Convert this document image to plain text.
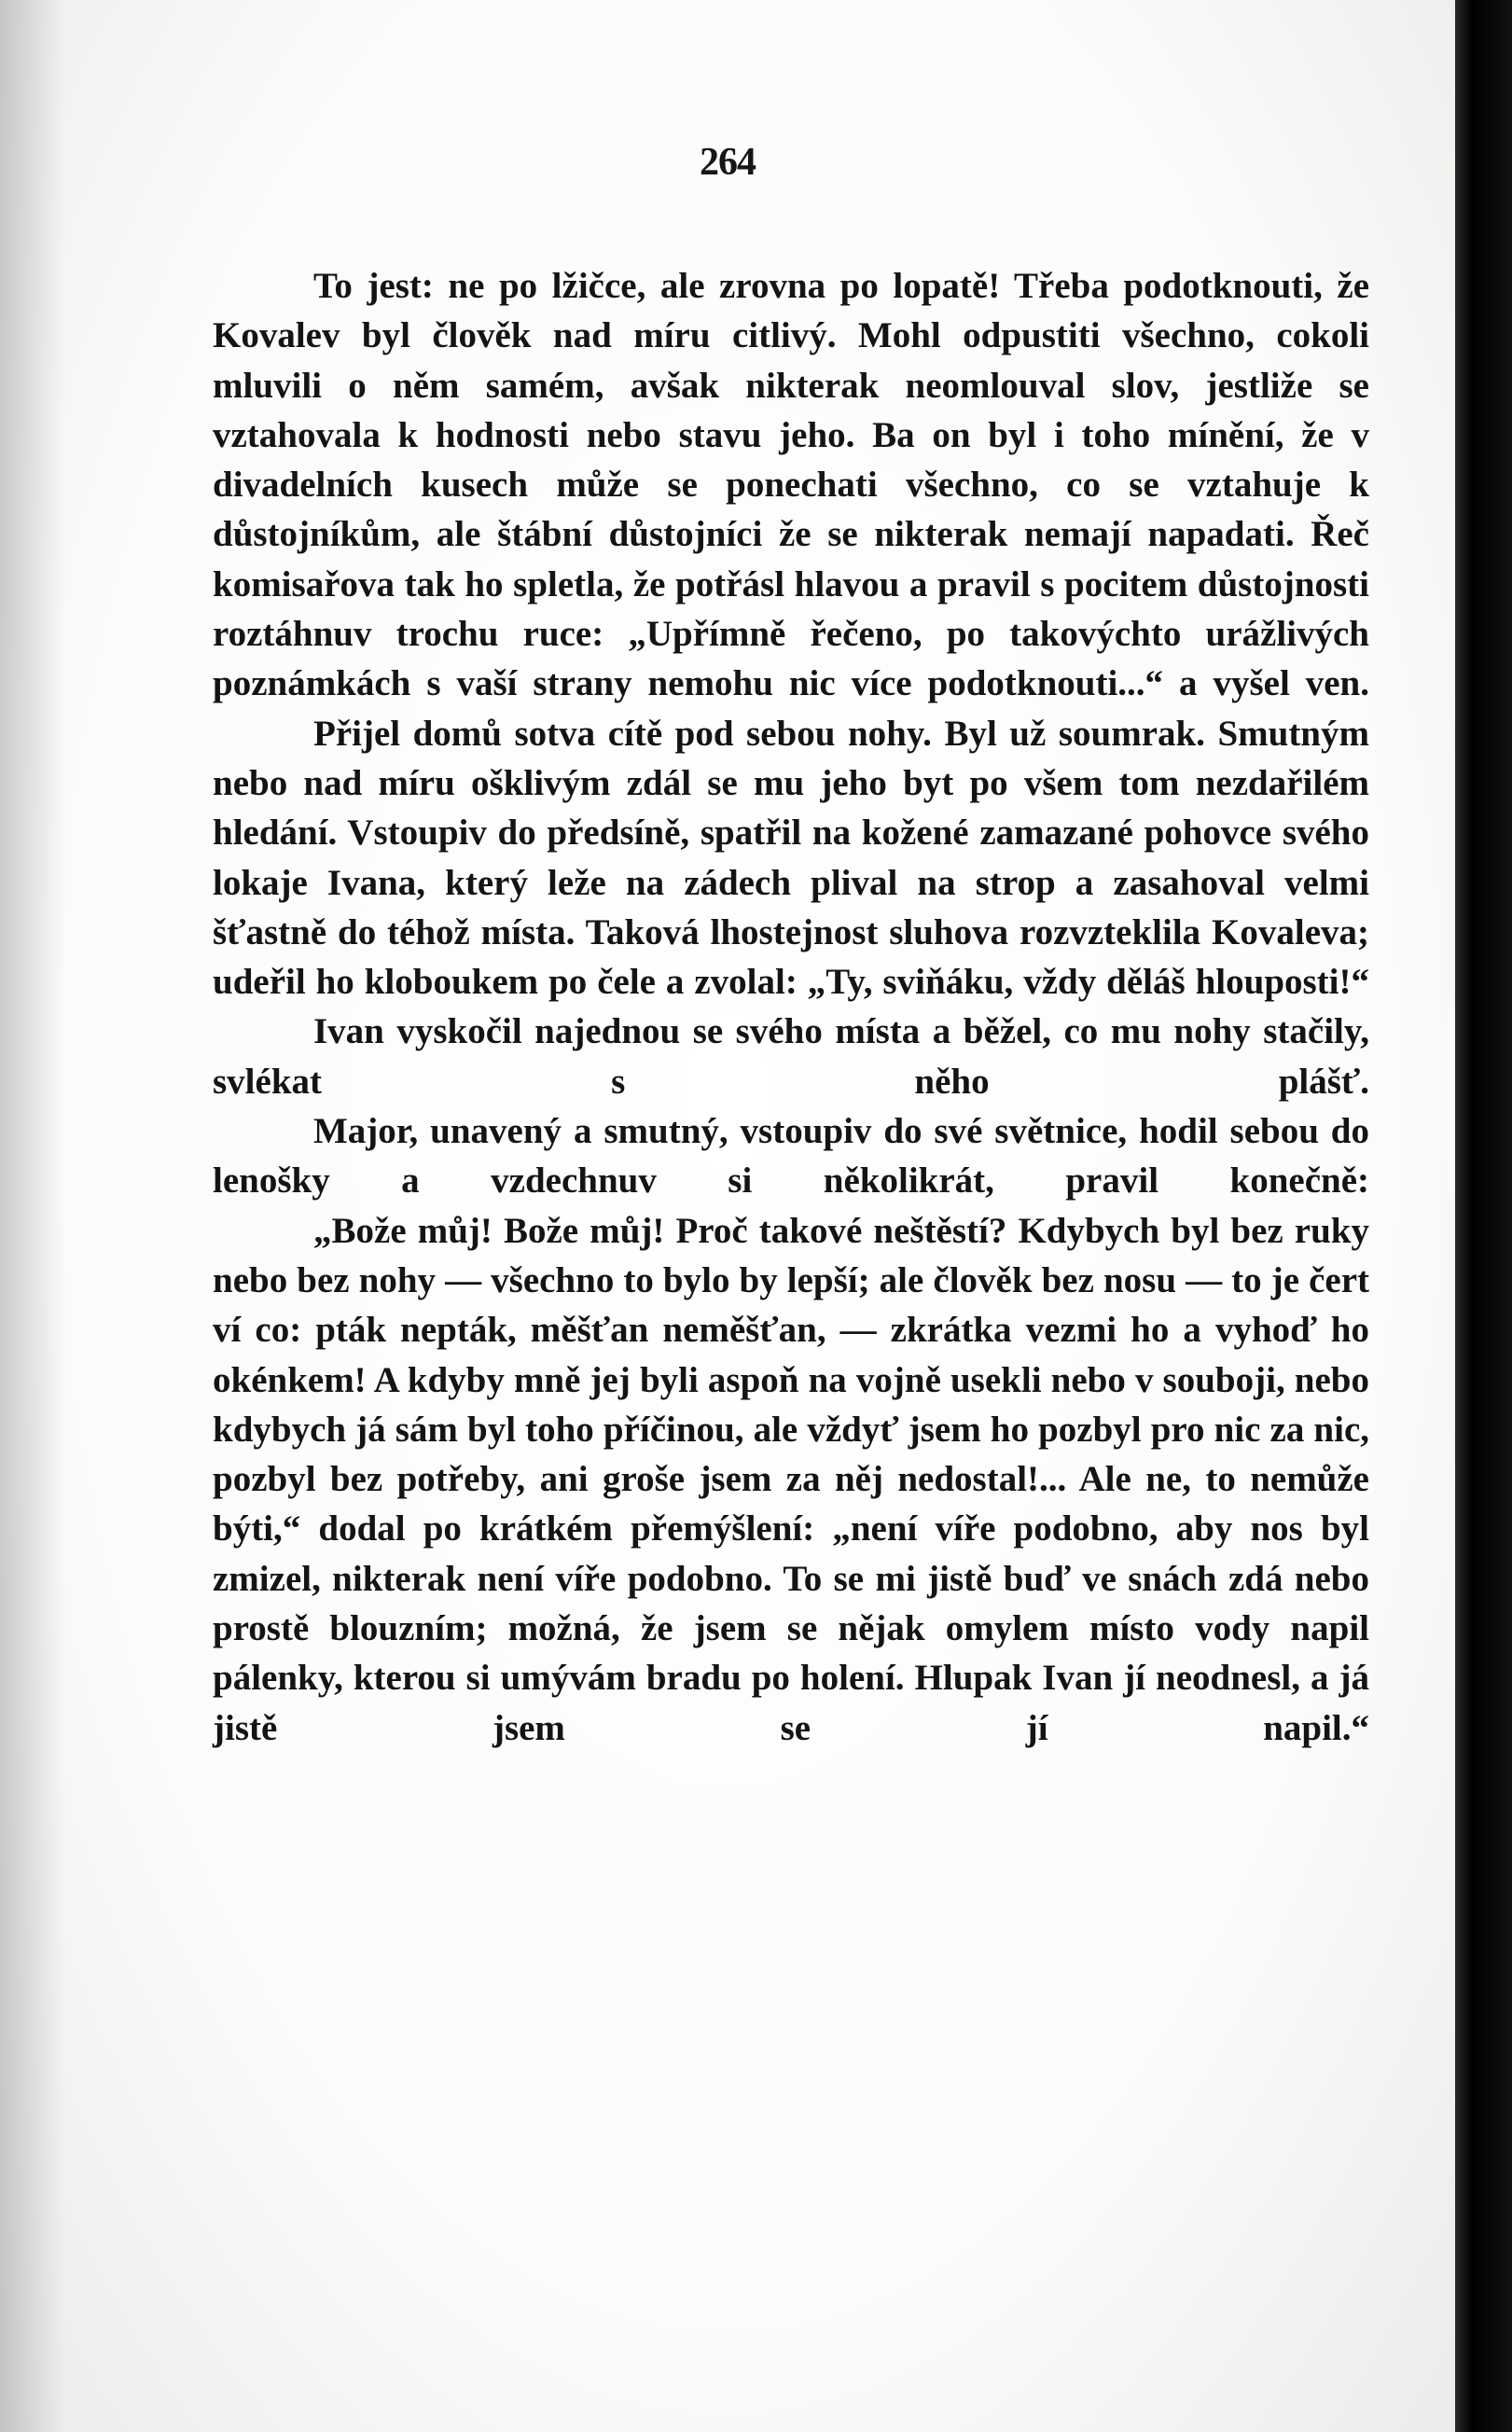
264

To jest: ne po lžičce, ale zrovna po lopatě! Třeba podotknouti, že Kovalev byl člověk nad míru citlivý. Mohl odpustiti všechno, cokoli mluvili o něm samém, avšak nikterak neomlouval slov, jestliže se vztahovala k hodnosti nebo stavu jeho. Ba on byl i toho mínění, že v divadelních kusech může se ponechati všechno, co se vztahuje k důstojníkům, ale štábní důstojníci že se nikterak nemají napadati. Řeč komisařova tak ho spletla, že potřásl hlavou a pravil s pocitem důstojnosti roztáhnuv trochu ruce: „Upřímně řečeno, po takovýchto urážlivých poznámkách s vaší strany nemohu nic více podotknouti...“ a vyšel ven.

Přijel domů sotva cítě pod sebou nohy. Byl už soumrak. Smutným nebo nad míru ošklivým zdál se mu jeho byt po všem tom nezdařilém hledání. Vstoupiv do předsíně, spatřil na kožené zamazané pohovce svého lokaje Ivana, který leže na zádech plival na strop a zasahoval velmi šťastně do téhož místa. Taková lhostejnost sluhova rozvzteklila Kovaleva; udeřil ho kloboukem po čele a zvolal: „Ty, sviňáku, vždy děláš hlouposti!“

Ivan vyskočil najednou se svého místa a běžel, co mu nohy stačily, svlékat s něho plášť.

Major, unavený a smutný, vstoupiv do své světnice, hodil sebou do lenošky a vzdechnuv si několikrát, pravil konečně:

„Bože můj! Bože můj! Proč takové neštěstí? Kdybych byl bez ruky nebo bez nohy — všechno to bylo by lepší; ale člověk bez nosu — to je čert ví co: pták nepták, měšťan neměšťan, — zkrátka vezmi ho a vyhoď ho okénkem! A kdyby mně jej byli aspoň na vojně usekli nebo v souboji, nebo kdybych já sám byl toho příčinou, ale vždyť jsem ho pozbyl pro nic za nic, pozbyl bez potřeby, ani groše jsem za něj nedostal!... Ale ne, to nemůže býti,“ dodal po krátkém přemýšlení: „není víře podobno, aby nos byl zmizel, nikterak není víře podobno. To se mi jistě buď ve snách zdá nebo prostě blouzním; možná, že jsem se nějak omylem místo vody napil pálenky, kterou si umývám bradu po holení. Hlupak Ivan jí neodnesl, a já jistě jsem se jí napil.“
